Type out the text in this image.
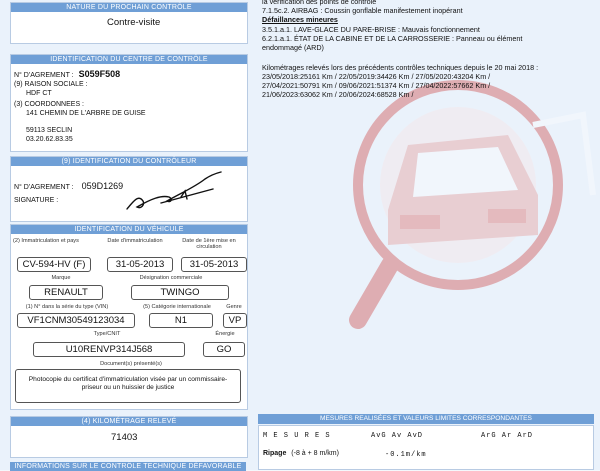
NATURE DU PROCHAIN CONTRÔLE
Contre-visite
IDENTIFICATION DU CENTRE DE CONTRÔLE
N° D'AGREMENT : S059F508
(9) RAISON SOCIALE :
HDF CT
(3) COORDONNEES :
141 CHEMIN DE L'ARBRE DE GUISE
59113 SECLIN
03.20.62.83.35
(9) IDENTIFICATION DU CONTRÔLEUR
N° D'AGREMENT : 059D1269
SIGNATURE :
IDENTIFICATION DU VÉHICULE
(2) Immatriculation et pays	Date d'immatriculation	Date de 1ère mise en circulation
CV-594-HV (F)	31-05-2013	31-05-2013
Marque	Désignation commerciale
RENAULT	TWINGO
(1) N° dans la série du type (VIN)	(5) Catégorie internationale	Genre
VF1CNM30549123034	N1	VP
Type/CNIT	Énergie
U10RENVP314J568	GO
Document(s) présenté(s)
Photocopie du certificat d'immatriculation visée par un commissaire-priseur ou un huissier de justice
(4) KILOMÉTRAGE RELEVÉ
71403
INFORMATIONS SUR LE CONTRÔLE TECHNIQUE DÉFAVORABLE
la vérification des points de contrôle
7.1.5c.2. AIRBAG : Coussin gonflable manifestement inopérant
Défaillances mineures
3.5.1.a.1. LAVE-GLACE DU PARE-BRISE : Mauvais fonctionnement
6.2.1.a.1. ÉTAT DE LA CABINE ET DE LA CARROSSERIE : Panneau ou élément
endommagé (ARD)
Kilométrages relevés lors des précédents contrôles techniques depuis le 20 mai 2018 :
23/05/2018:25161 Km / 22/05/2019:34426 Km / 27/05/2020:43204 Km /
27/04/2021:50791 Km / 09/06/2021:51374 Km / 27/04/2022:57662 Km /
21/06/2023:63062 Km / 20/06/2024:68528 Km /
MESURES REALISÉES ET VALEURS LIMITES CORRESPONDANTES
M E S U R E S	AvG Av AvD	ArG Ar ArD
Ripage (-8 à + 8 m/km)	-0.1m/km
